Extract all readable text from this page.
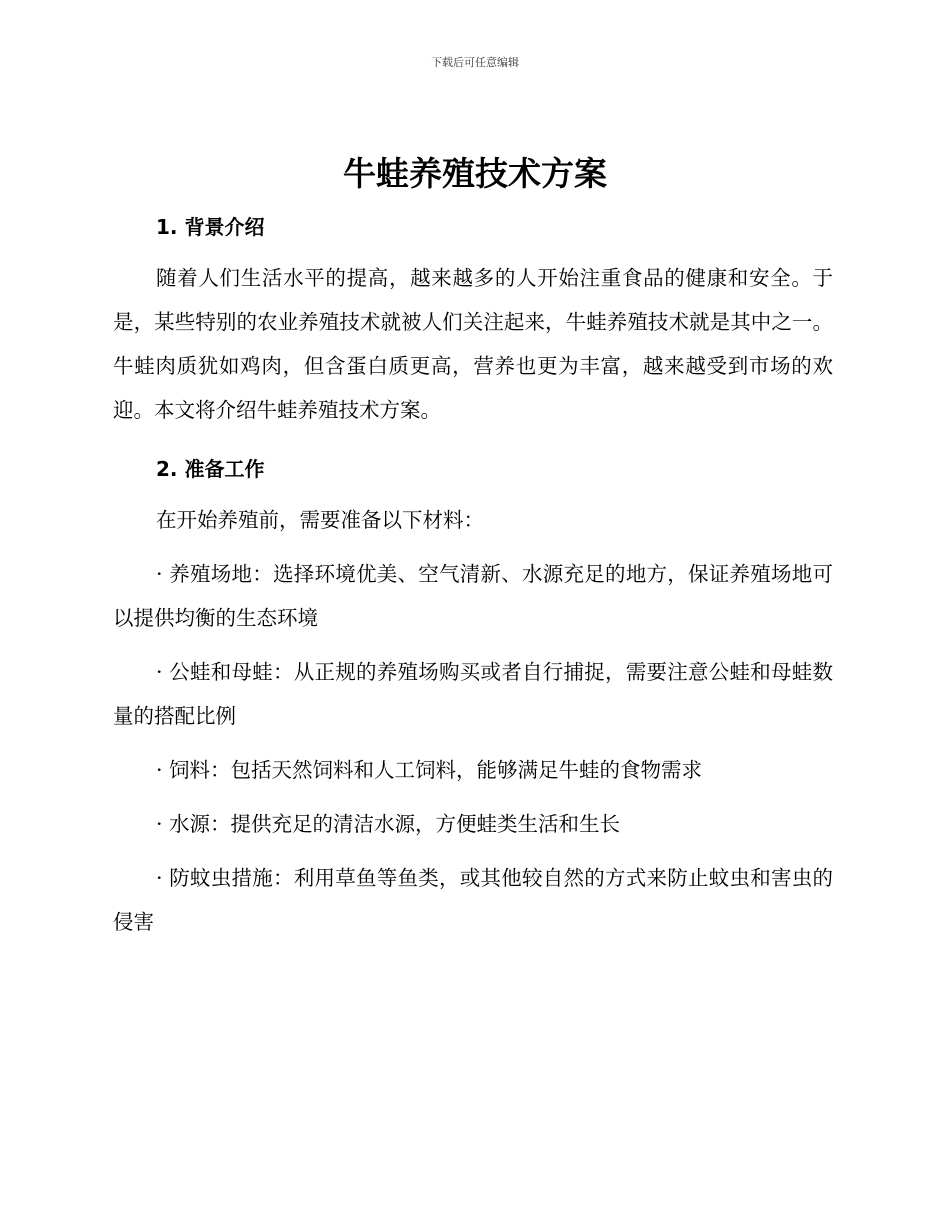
下载后可任意编辑
牛蛙养殖技术方案
1. 背景介绍

随着人们生活水平的提高，越来越多的人开始注重食品的健康和安全。于是，某些特别的农业养殖技术就被人们关注起来，牛蛙养殖技术就是其中之一。牛蛙肉质犹如鸡肉，但含蛋白质更高，营养也更为丰富，越来越受到市场的欢迎。本文将介绍牛蛙养殖技术方案。

2. 准备工作

在开始养殖前，需要准备以下材料：

· 养殖场地：选择环境优美、空气清新、水源充足的地方，保证养殖场地可以提供均衡的生态环境

· 公蛙和母蛙：从正规的养殖场购买或者自行捕捉，需要注意公蛙和母蛙数量的搭配比例

· 饲料：包括天然饲料和人工饲料，能够满足牛蛙的食物需求

· 水源：提供充足的清洁水源，方便蛙类生活和生长

· 防蚊虫措施：利用草鱼等鱼类，或其他较自然的方式来防止蚊虫和害虫的侵害
